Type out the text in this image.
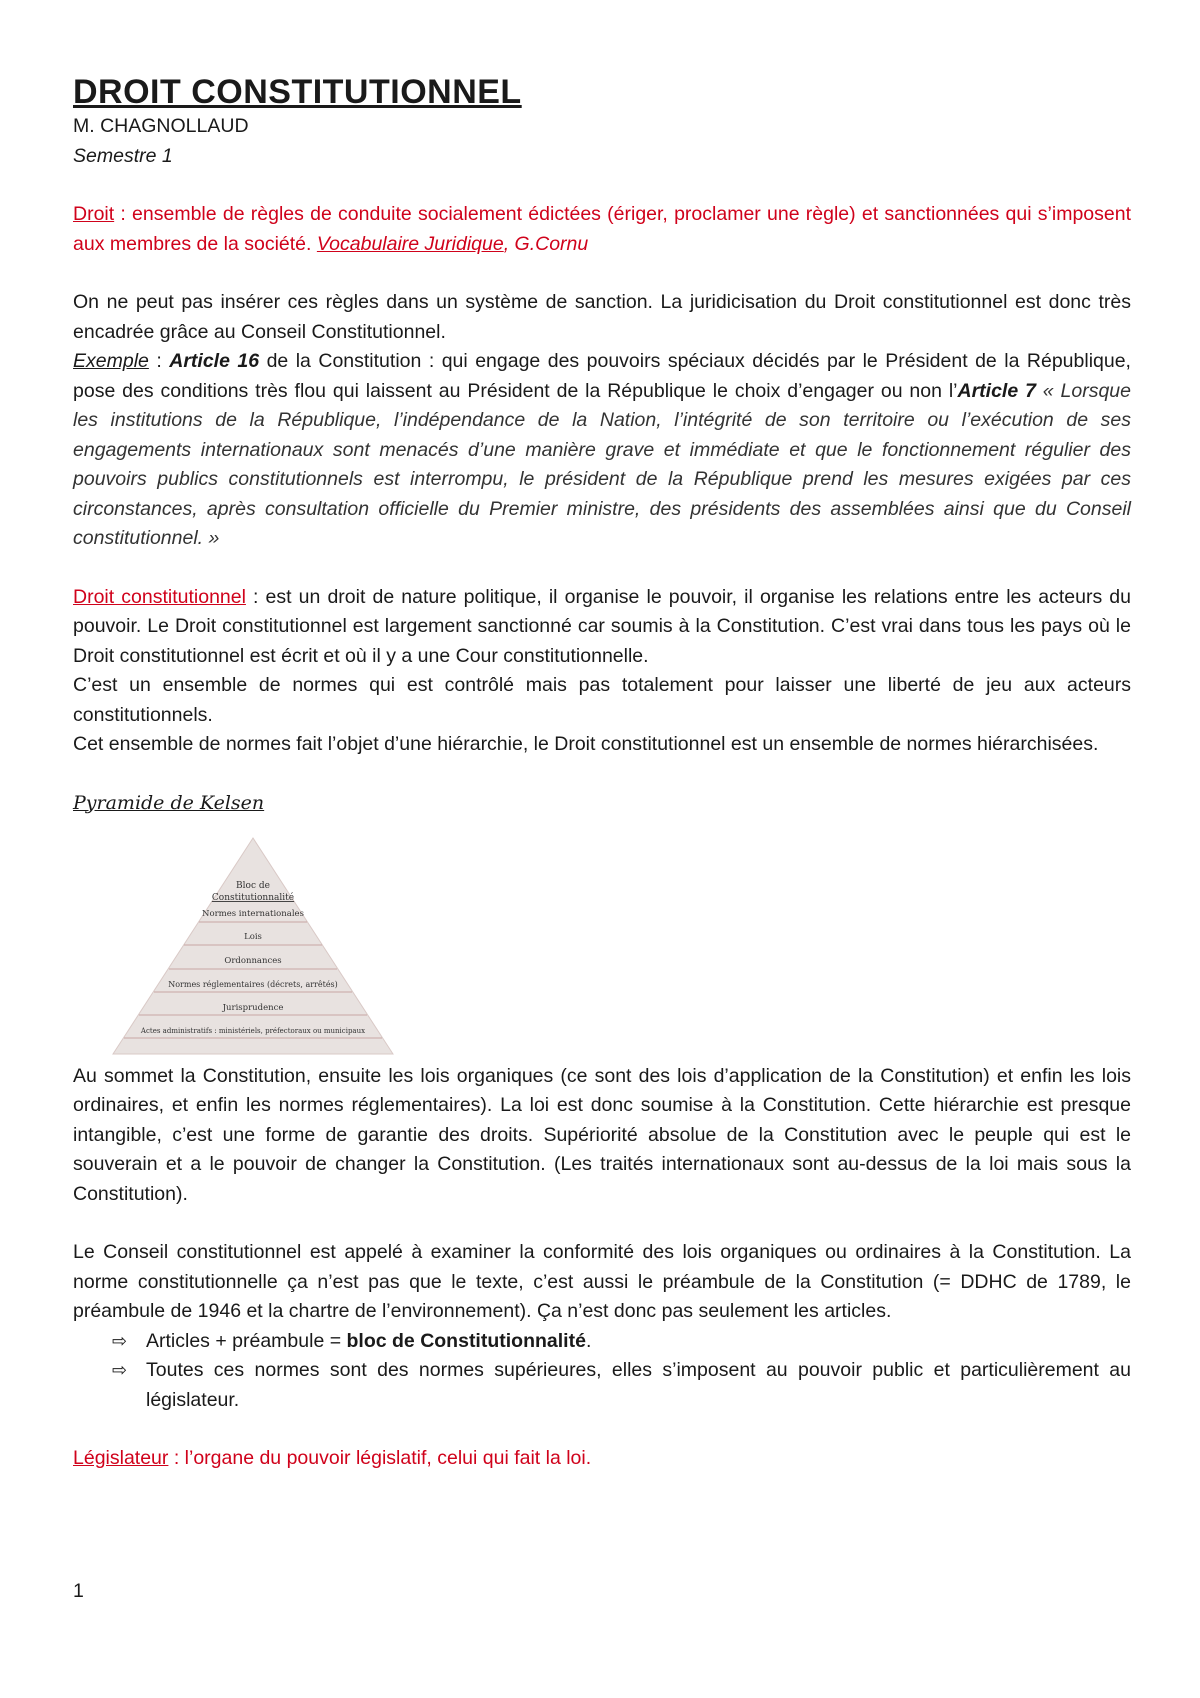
DROIT CONSTITUTIONNEL

M. CHAGNOLLAUD

Semestre 1

Droit : ensemble de règles de conduite socialement édictées (ériger, proclamer une règle) et sanctionnées qui s’imposent aux membres de la société. Vocabulaire Juridique, G.Cornu

On ne peut pas insérer ces règles dans un système de sanction. La juridicisation du Droit constitutionnel est donc très encadrée grâce au Conseil Constitutionnel.

Exemple : Article 16 de la Constitution : qui engage des pouvoirs spéciaux décidés par le Président de la République, pose des conditions très flou qui laissent au Président de la République le choix d’engager ou non l’Article 7 « Lorsque les institutions de la République, l’indépendance de la Nation, l’intégrité de son territoire ou l’exécution de ses engagements internationaux sont menacés d’une manière grave et immédiate et que le fonctionnement régulier des pouvoirs publics constitutionnels est interrompu, le président de la République prend les mesures exigées par ces circonstances, après consultation officielle du Premier ministre, des présidents des assemblées ainsi que du Conseil constitutionnel. »

Droit constitutionnel : est un droit de nature politique, il organise le pouvoir, il organise les relations entre les acteurs du pouvoir. Le Droit constitutionnel est largement sanctionné car soumis à la Constitution. C’est vrai dans tous les pays où le Droit constitutionnel est écrit et où il y a une Cour constitutionnelle.

C’est un ensemble de normes qui est contrôlé mais pas totalement pour laisser une liberté de jeu aux acteurs constitutionnels.

Cet ensemble de normes fait l’objet d’une hiérarchie, le Droit constitutionnel est un ensemble de normes hiérarchisées.

Pyramide de Kelsen

Bloc de
Constitutionnalité
Normes internationales
Lois
Ordonnances
Normes réglementaires (décrets, arrêtés)
Jurisprudence
Actes administratifs : ministériels, préfectoraux ou municipaux

Au sommet la Constitution, ensuite les lois organiques (ce sont des lois d’application de la Constitution) et enfin les lois ordinaires, et enfin les normes réglementaires). La loi est donc soumise à la Constitution. Cette hiérarchie est presque intangible, c’est une forme de garantie des droits. Supériorité absolue de la Constitution avec le peuple qui est le souverain et a le pouvoir de changer la Constitution. (Les traités internationaux sont au-dessus de la loi mais sous la Constitution).

Le Conseil constitutionnel est appelé à examiner la conformité des lois organiques ou ordinaires à la Constitution. La norme constitutionnelle ça n’est pas que le texte, c’est aussi le préambule de la Constitution (= DDHC de 1789, le préambule de 1946 et la chartre de l’environnement). Ça n’est donc pas seulement les articles.

⇨ Articles + préambule = bloc de Constitutionnalité.
⇨ Toutes ces normes sont des normes supérieures, elles s’imposent au pouvoir public et particulièrement au législateur.

Législateur : l’organe du pouvoir législatif, celui qui fait la loi.

1
